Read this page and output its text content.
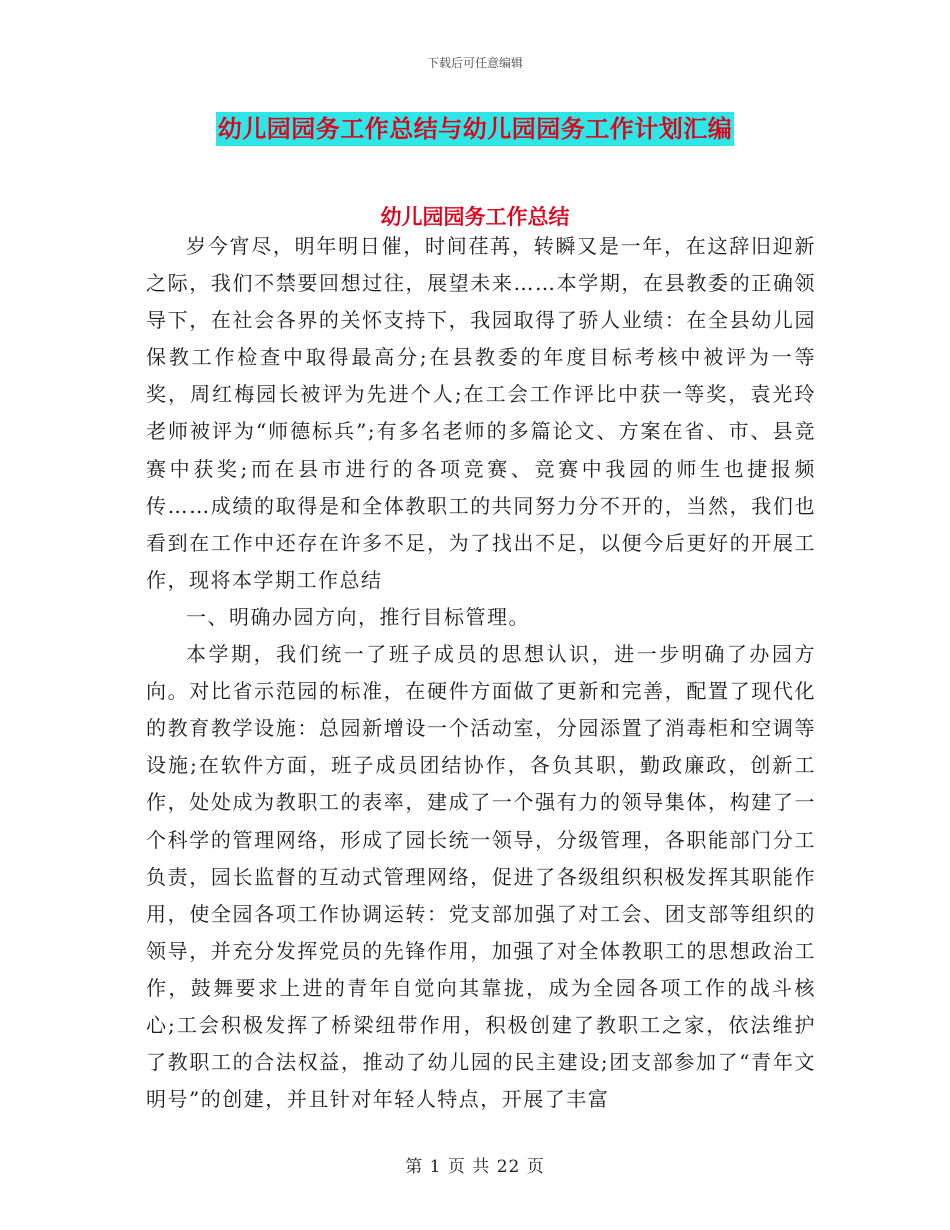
下载后可任意编辑
幼儿园园务工作总结与幼儿园园务工作计划汇编
幼儿园园务工作总结

岁今宵尽，明年明日催，时间荏苒，转瞬又是一年，在这辞旧迎新之际，我们不禁要回想过往，展望未来……本学期，在县教委的正确领导下，在社会各界的关怀支持下，我园取得了骄人业绩：在全县幼儿园保教工作检查中取得最高分;在县教委的年度目标考核中被评为一等奖，周红梅园长被评为先进个人;在工会工作评比中获一等奖，袁光玲老师被评为“师德标兵”;有多名老师的多篇论文、方案在省、市、县竞赛中获奖;而在县市进行的各项竞赛、竞赛中我园的师生也捷报频传……成绩的取得是和全体教职工的共同努力分不开的，当然，我们也看到在工作中还存在许多不足，为了找出不足，以便今后更好的开展工作，现将本学期工作总结

一、明确办园方向，推行目标管理。

本学期，我们统一了班子成员的思想认识，进一步明确了办园方向。对比省示范园的标准，在硬件方面做了更新和完善，配置了现代化的教育教学设施：总园新增设一个活动室，分园添置了消毒柜和空调等设施;在软件方面，班子成员团结协作，各负其职，勤政廉政，创新工作，处处成为教职工的表率，建成了一个强有力的领导集体，构建了一个科学的管理网络，形成了园长统一领导，分级管理，各职能部门分工负责，园长监督的互动式管理网络，促进了各级组织积极发挥其职能作用，使全园各项工作协调运转：党支部加强了对工会、团支部等组织的领导，并充分发挥党员的先锋作用，加强了对全体教职工的思想政治工作，鼓舞要求上进的青年自觉向其靠拢，成为全园各项工作的战斗核心;工会积极发挥了桥梁纽带作用，积极创建了教职工之家，依法维护了教职工的合法权益，推动了幼儿园的民主建设;团支部参加了“青年文明号”的创建，并且针对年轻人特点，开展了丰富

第 1 页 共 22 页
